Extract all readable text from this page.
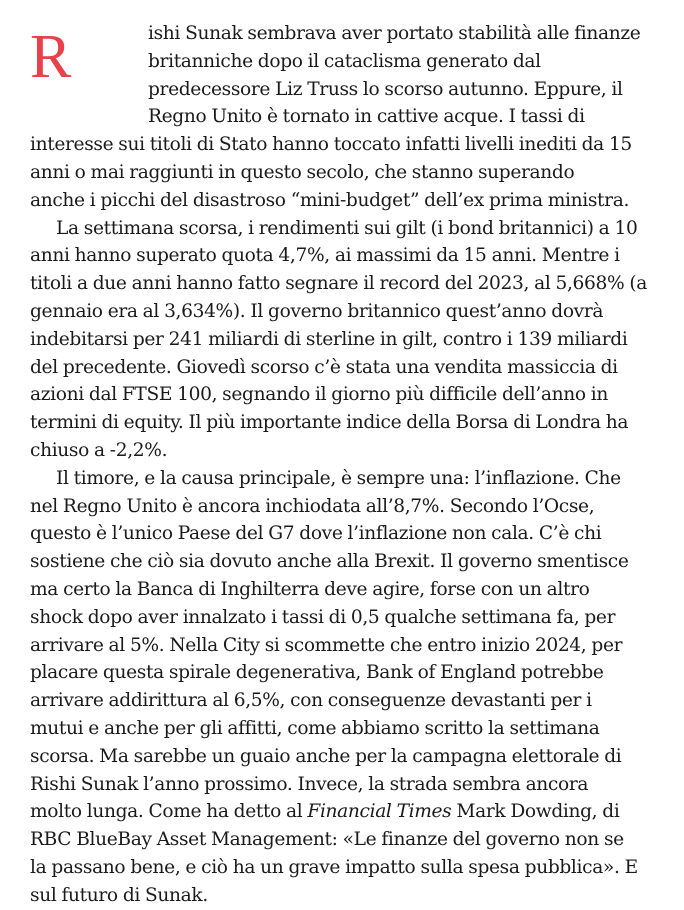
R	ishi Sunak sembrava aver portato stabilità alle finanze
britanniche dopo il cataclisma generato dal
predecessore Liz Truss lo scorso autunno. Eppure, il
Regno Unito è tornato in cattive acque. I tassi di
interesse sui titoli di Stato hanno toccato infatti livelli inediti da 15
anni o mai raggiunti in questo secolo, che stanno superando
anche i picchi del disastroso “mini-budget” dell’ex prima ministra.
La settimana scorsa, i rendimenti sui gilt (i bond britannici) a 10
anni hanno superato quota 4,7%, ai massimi da 15 anni. Mentre i
titoli a due anni hanno fatto segnare il record del 2023, al 5,668% (a
gennaio era al 3,634%). Il governo britannico quest’anno dovrà
indebitarsi per 241 miliardi di sterline in gilt, contro i 139 miliardi
del precedente. Giovedì scorso c’è stata una vendita massiccia di
azioni dal FTSE 100, segnando il giorno più difficile dell’anno in
termini di equity. Il più importante indice della Borsa di Londra ha
chiuso a -2,2%.
Il timore, e la causa principale, è sempre una: l’inflazione. Che
nel Regno Unito è ancora inchiodata all’8,7%. Secondo l’Ocse,
questo è l’unico Paese del G7 dove l’inflazione non cala. C’è chi
sostiene che ciò sia dovuto anche alla Brexit. Il governo smentisce
ma certo la Banca di Inghilterra deve agire, forse con un altro
shock dopo aver innalzato i tassi di 0,5 qualche settimana fa, per
arrivare al 5%. Nella City si scommette che entro inizio 2024, per
placare questa spirale degenerativa, Bank of England potrebbe
arrivare addirittura al 6,5%, con conseguenze devastanti per i
mutui e anche per gli affitti, come abbiamo scritto la settimana
scorsa. Ma sarebbe un guaio anche per la campagna elettorale di
Rishi Sunak l’anno prossimo. Invece, la strada sembra ancora
molto lunga. Come ha detto al Financial Times Mark Dowding, di
RBC BlueBay Asset Management: «Le finanze del governo non se
la passano bene, e ciò ha un grave impatto sulla spesa pubblica». E
sul futuro di Sunak.
